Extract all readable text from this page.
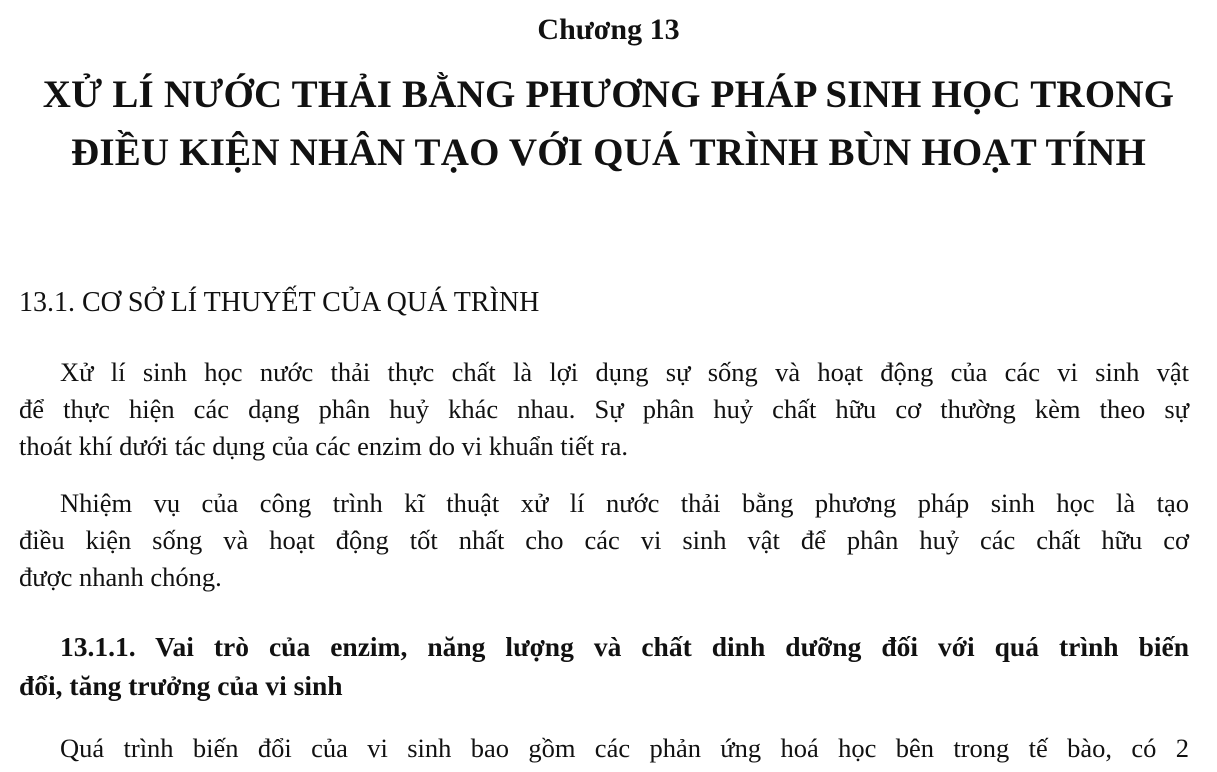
Chương 13
XỬ LÍ NƯỚC THẢI BẰNG PHƯƠNG PHÁP SINH HỌC TRONG
ĐIỀU KIỆN NHÂN TẠO VỚI QUÁ TRÌNH BÙN HOẠT TÍNH
13.1. CƠ SỞ LÍ THUYẾT CỦA QUÁ TRÌNH
Xử lí sinh học nước thải thực chất là lợi dụng sự sống và hoạt động của các vi sinh vật
để thực hiện các dạng phân huỷ khác nhau. Sự phân huỷ chất hữu cơ thường kèm theo sự
thoát khí dưới tác dụng của các enzim do vi khuẩn tiết ra.
Nhiệm vụ của công trình kĩ thuật xử lí nước thải bằng phương pháp sinh học là tạo
điều kiện sống và hoạt động tốt nhất cho các vi sinh vật để phân huỷ các chất hữu cơ
được nhanh chóng.
13.1.1. Vai trò của enzim, năng lượng và chất dinh dưỡng đối với quá trình biến
đổi, tăng trưởng của vi sinh
Quá trình biến đổi của vi sinh bao gồm các phản ứng hoá học bên trong tế bào, có 2
